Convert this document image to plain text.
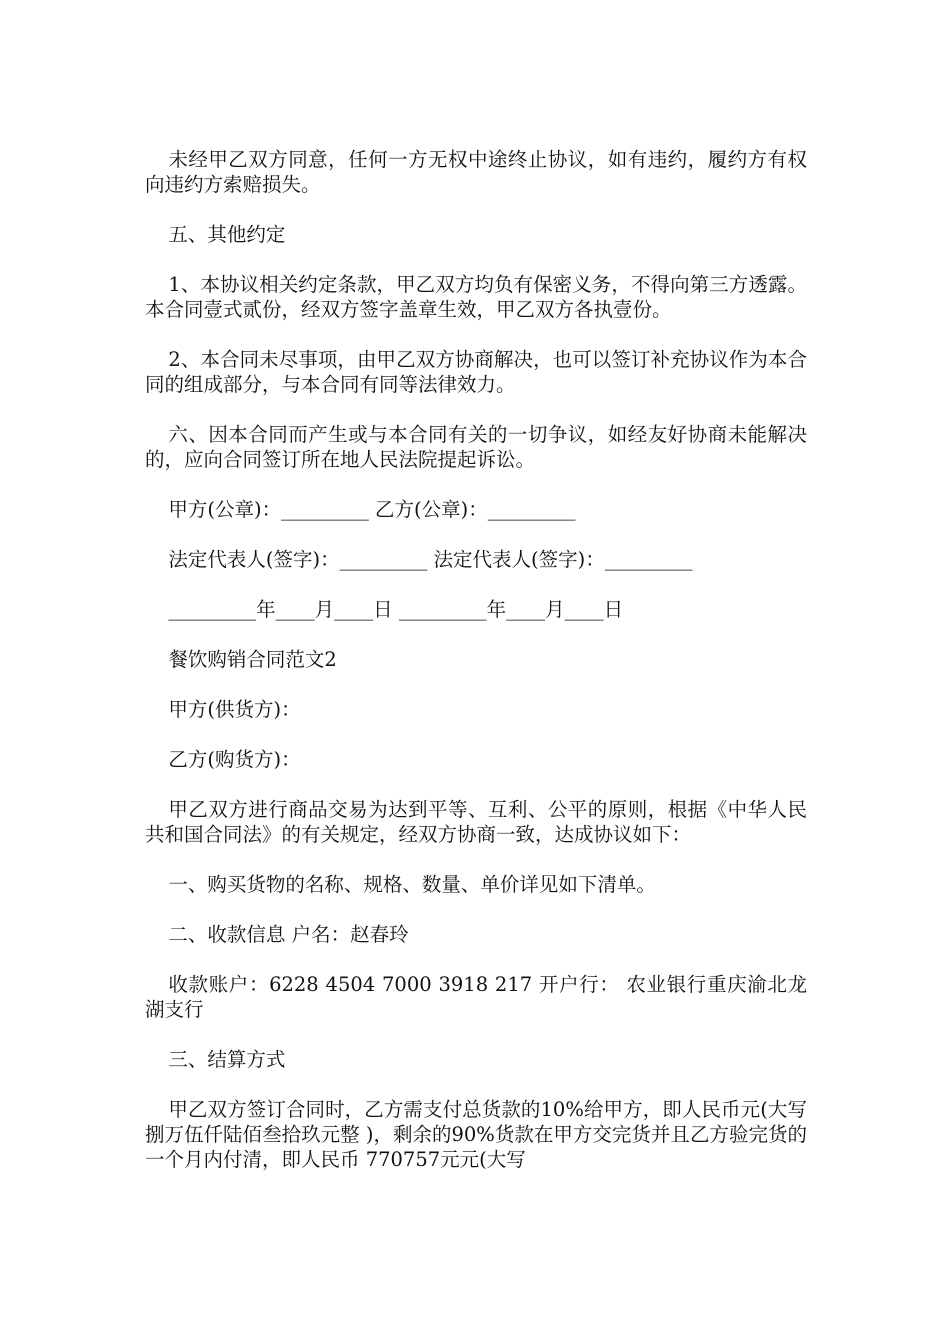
未经甲乙双方同意，任何一方无权中途终止协议，如有违约，履约方有权向违约方索赔损失。

五、其他约定

1、本协议相关约定条款，甲乙双方均负有保密义务，不得向第三方透露。本合同壹式贰份，经双方签字盖章生效，甲乙双方各执壹份。

2、本合同未尽事项，由甲乙双方协商解决，也可以签订补充协议作为本合同的组成部分，与本合同有同等法律效力。

六、因本合同而产生或与本合同有关的一切争议，如经友好协商未能解决的，应向合同签订所在地人民法院提起诉讼。

甲方(公章)：_________ 乙方(公章)：_________

法定代表人(签字)：_________ 法定代表人(签字)：_________

_________年____月____日 _________年____月____日

餐饮购销合同范文2

甲方(供货方)：

乙方(购货方)：

甲乙双方进行商品交易为达到平等、互利、公平的原则，根据《中华人民共和国合同法》的有关规定，经双方协商一致，达成协议如下：

一、购买货物的名称、规格、数量、单价详见如下清单。

二、收款信息 户名：赵春玲

收款账户：6228 4504 7000 3918 217 开户行： 农业银行重庆渝北龙湖支行

三、结算方式

甲乙双方签订合同时，乙方需支付总货款的10%给甲方，即人民币元(大写 捌万伍仟陆佰叁拾玖元整 )，剩余的90%货款在甲方交完货并且乙方验完货的一个月内付清，即人民币 770757元元(大写
